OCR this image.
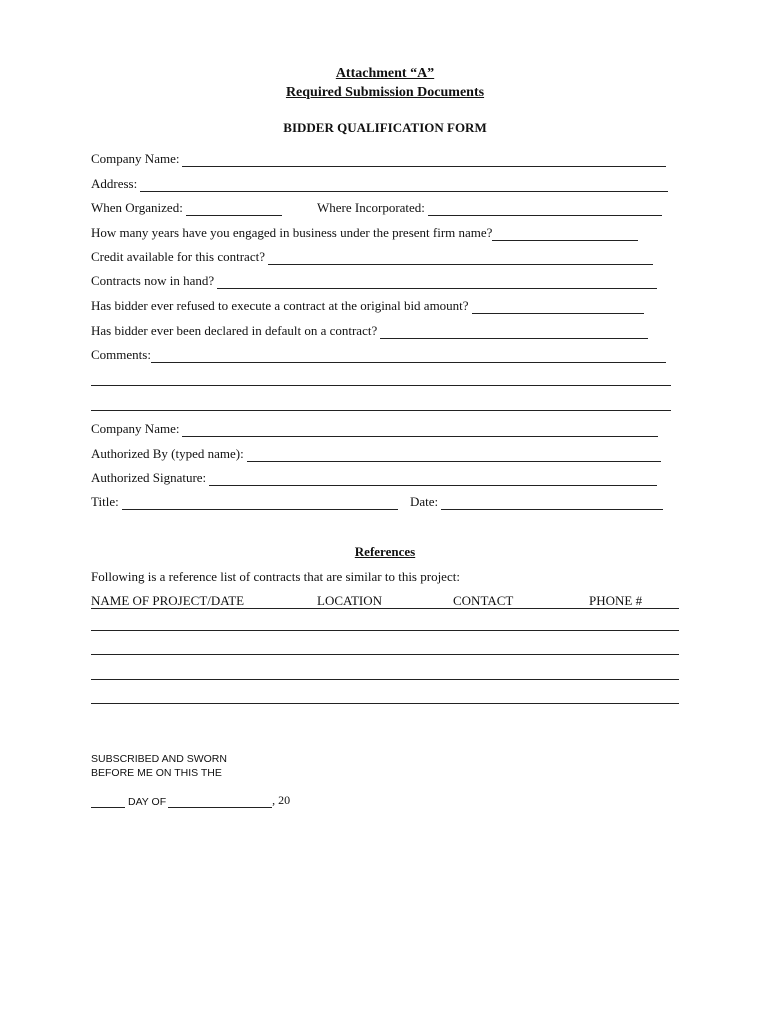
Attachment “A”
Required Submission Documents
BIDDER QUALIFICATION FORM
Company Name:
Address:
When Organized:	Where Incorporated:
How many years have you engaged in business under the present firm name?
Credit available for this contract?
Contracts now in hand?
Has bidder ever refused to execute a contract at the original bid amount?
Has bidder ever been declared in default on a contract?
Comments:
Company Name:
Authorized By (typed name):
Authorized Signature:
Title:	Date:
References
Following is a reference list of contracts that are similar to this project:
NAME OF PROJECT/DATE	LOCATION	CONTACT	PHONE #
SUBSCRIBED AND SWORN
BEFORE ME ON THIS THE
DAY OF	, 20
